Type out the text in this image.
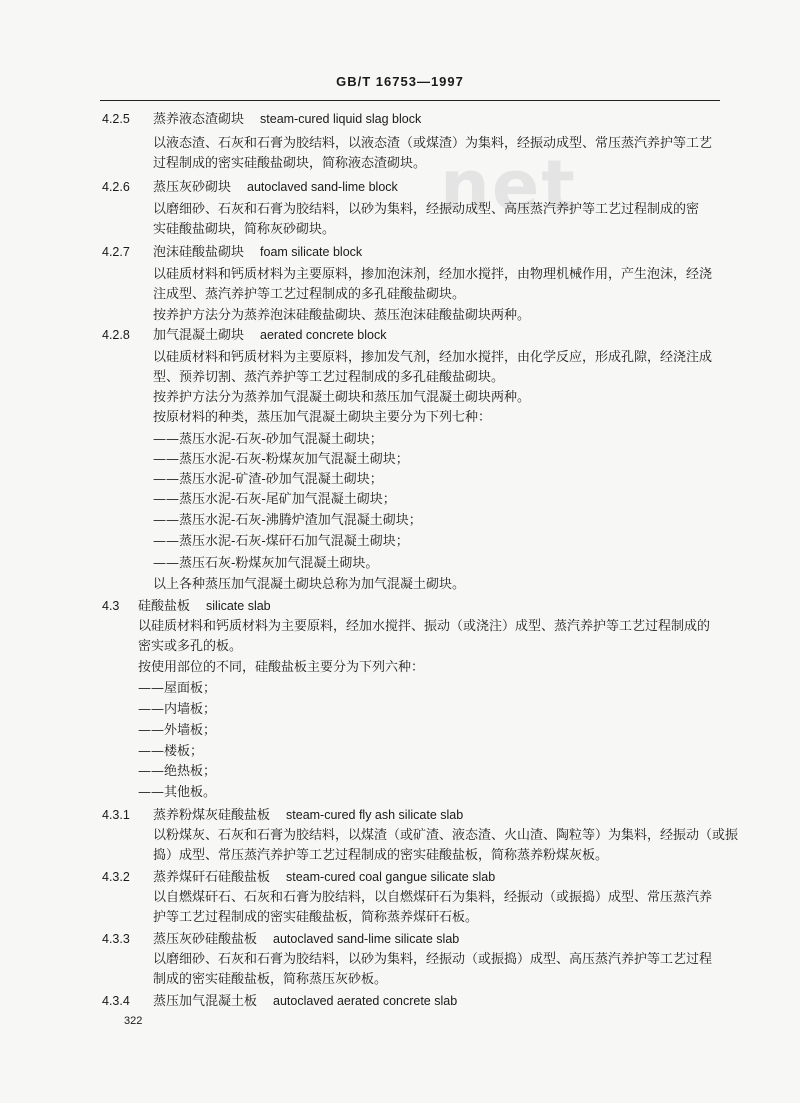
net
GB/T 16753—1997
4.2.5 蒸养液态渣砌块 steam-cured liquid slag block
以液态渣、石灰和石膏为胶结料，以液态渣（或煤渣）为集料，经振动成型、常压蒸汽养护等工艺
过程制成的密实硅酸盐砌块，简称液态渣砌块。
4.2.6 蒸压灰砂砌块 autoclaved sand-lime block
以磨细砂、石灰和石膏为胶结料，以砂为集料，经振动成型、高压蒸汽养护等工艺过程制成的密
实硅酸盐砌块，简称灰砂砌块。
4.2.7 泡沫硅酸盐砌块 foam silicate block
以硅质材料和钙质材料为主要原料，掺加泡沫剂，经加水搅拌，由物理机械作用，产生泡沫，经浇
注成型、蒸汽养护等工艺过程制成的多孔硅酸盐砌块。
按养护方法分为蒸养泡沫硅酸盐砌块、蒸压泡沫硅酸盐砌块两种。
4.2.8 加气混凝土砌块 aerated concrete block
以硅质材料和钙质材料为主要原料，掺加发气剂，经加水搅拌，由化学反应，形成孔隙，经浇注成
型、预养切割、蒸汽养护等工艺过程制成的多孔硅酸盐砌块。
按养护方法分为蒸养加气混凝土砌块和蒸压加气混凝土砌块两种。
按原材料的种类，蒸压加气混凝土砌块主要分为下列七种：
——蒸压水泥-石灰-砂加气混凝土砌块；
——蒸压水泥-石灰-粉煤灰加气混凝土砌块；
——蒸压水泥-矿渣-砂加气混凝土砌块；
——蒸压水泥-石灰-尾矿加气混凝土砌块；
——蒸压水泥-石灰-沸腾炉渣加气混凝土砌块；
——蒸压水泥-石灰-煤矸石加气混凝土砌块；
——蒸压石灰-粉煤灰加气混凝土砌块。
以上各种蒸压加气混凝土砌块总称为加气混凝土砌块。
4.3 硅酸盐板 silicate slab
以硅质材料和钙质材料为主要原料，经加水搅拌、振动（或浇注）成型、蒸汽养护等工艺过程制成的
密实或多孔的板。
按使用部位的不同，硅酸盐板主要分为下列六种：
——屋面板；
——内墙板；
——外墙板；
——楼板；
——绝热板；
——其他板。
4.3.1 蒸养粉煤灰硅酸盐板 steam-cured fly ash silicate slab
以粉煤灰、石灰和石膏为胶结料，以煤渣（或矿渣、液态渣、火山渣、陶粒等）为集料，经振动（或振
捣）成型、常压蒸汽养护等工艺过程制成的密实硅酸盐板，简称蒸养粉煤灰板。
4.3.2 蒸养煤矸石硅酸盐板 steam-cured coal gangue silicate slab
以自燃煤矸石、石灰和石膏为胶结料，以自燃煤矸石为集料，经振动（或振捣）成型、常压蒸汽养
护等工艺过程制成的密实硅酸盐板，简称蒸养煤矸石板。
4.3.3 蒸压灰砂硅酸盐板 autoclaved sand-lime silicate slab
以磨细砂、石灰和石膏为胶结料，以砂为集料，经振动（或振捣）成型、高压蒸汽养护等工艺过程
制成的密实硅酸盐板，简称蒸压灰砂板。
4.3.4 蒸压加气混凝土板 autoclaved aerated concrete slab
322
